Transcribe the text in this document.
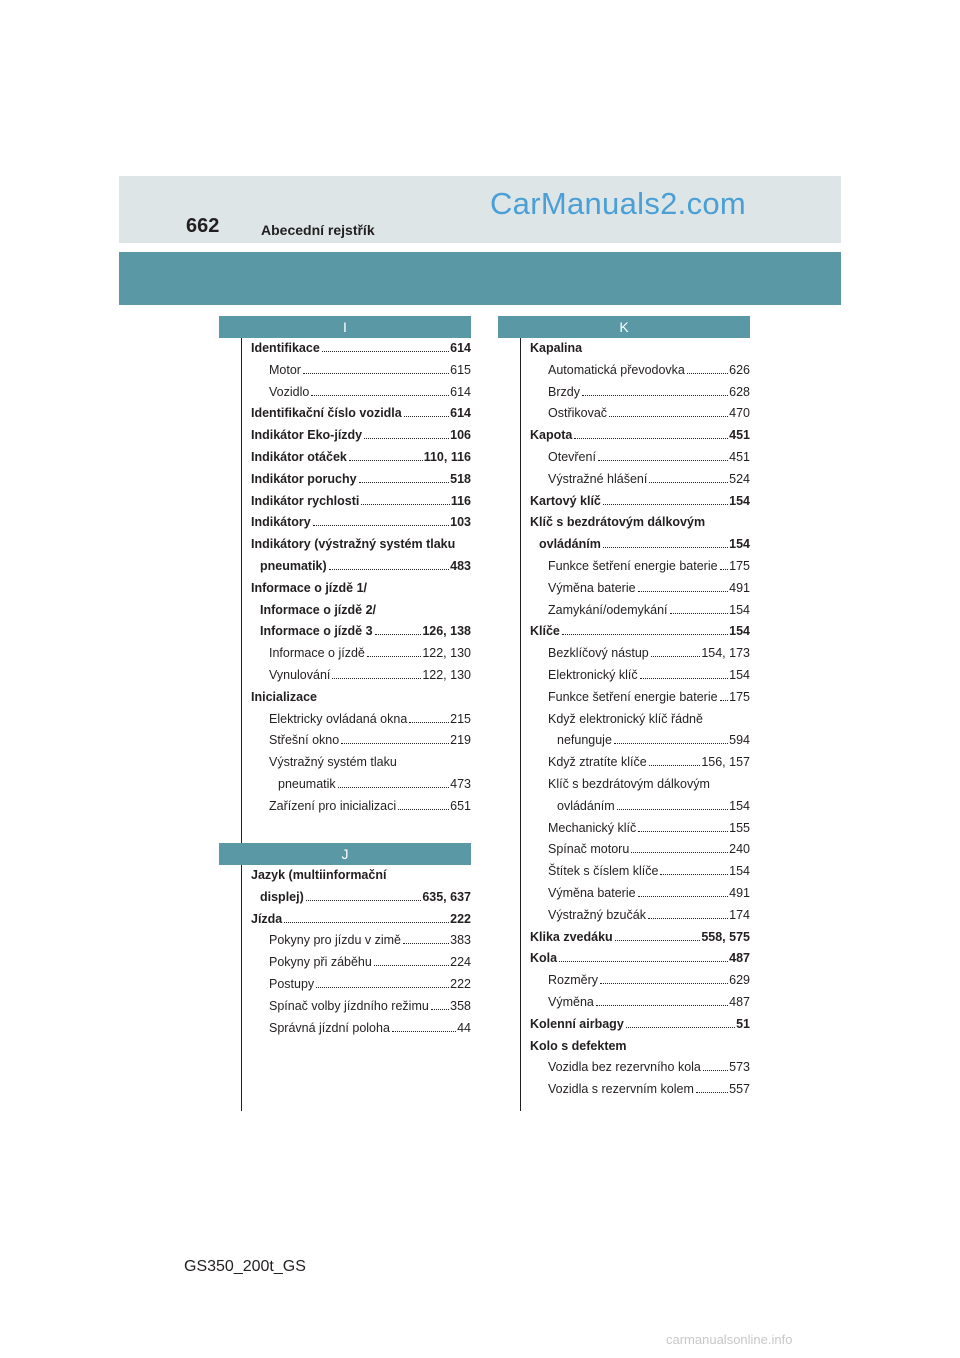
662	Abecední rejstřík
CarManuals2.com
I
Identifikace	614
Motor	615
Vozidlo	614
Identifikační číslo vozidla	614
Indikátor Eko-jízdy	106
Indikátor otáček	110, 116
Indikátor poruchy	518
Indikátor rychlosti	116
Indikátory	103
Indikátory (výstražný systém tlaku
pneumatik)	483
Informace o jízdě 1/
Informace o jízdě 2/
Informace o jízdě 3	126, 138
Informace o jízdě	122, 130
Vynulování	122, 130
Inicializace
Elektricky ovládaná okna	215
Střešní okno	219
Výstražný systém tlaku
pneumatik	473
Zařízení pro inicializaci	651
J
Jazyk (multiinformační
displej)	635, 637
Jízda	222
Pokyny pro jízdu v zimě	383
Pokyny při záběhu	224
Postupy	222
Spínač volby jízdního režimu 358
Správná jízdní poloha	44
K
Kapalina
Automatická převodovka	626
Brzdy	628
Ostřikovač	470
Kapota	451
Otevření	451
Výstražné hlášení	524
Kartový klíč	154
Klíč s bezdrátovým dálkovým
ovládáním	154
Funkce šetření energie baterie 175
Výměna baterie	491
Zamykání/odemykání	154
Klíče	154
Bezklíčový nástup	154, 173
Elektronický klíč	154
Funkce šetření energie baterie 175
Když elektronický klíč řádně
nefunguje	594
Když ztratíte klíče	156, 157
Klíč s bezdrátovým dálkovým
ovládáním	154
Mechanický klíč	155
Spínač motoru	240
Štítek s číslem klíče	154
Výměna baterie	491
Výstražný bzučák	174
Klika zvedáku	558, 575
Kola	487
Rozměry	629
Výměna	487
Kolenní airbagy	51
Kolo s defektem
Vozidla bez rezervního kola 573
Vozidla s rezervním kolem	557
GS350_200t_GS
carmanualsonline.info
